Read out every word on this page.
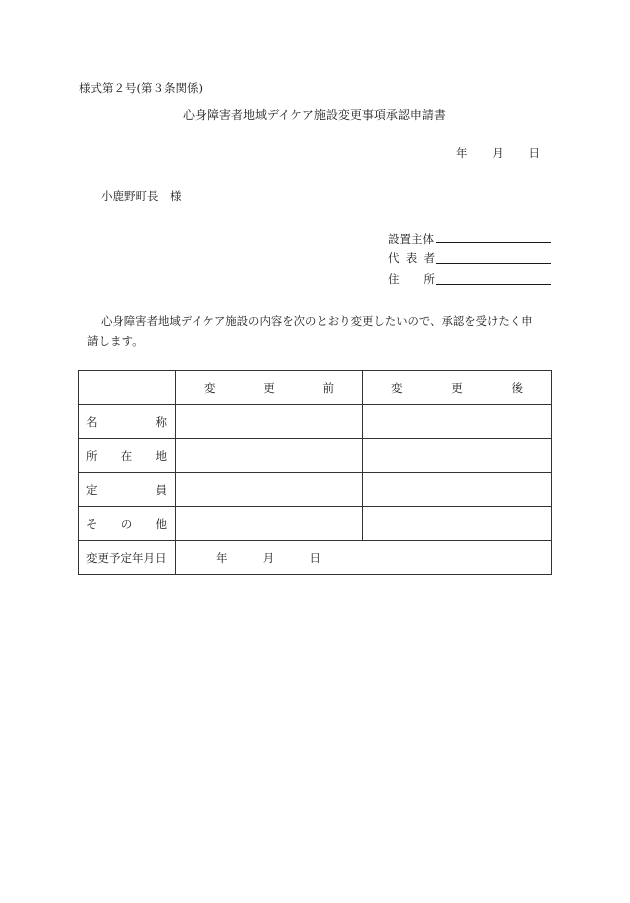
様式第２号(第３条関係)
心身障害者地域デイケア施設変更事項承認申請書
年 月 日
小鹿野町長　様
設置主体
代 表 者
住 所
心身障害者地域デイケア施設の内容を次のとおり変更したいので、承認を受けたく申
請します。

	変 更 前	変 更 後

名 称		

所 在 地		

定 員		

そ の 他		

変更予定年月日	年 月 日	
